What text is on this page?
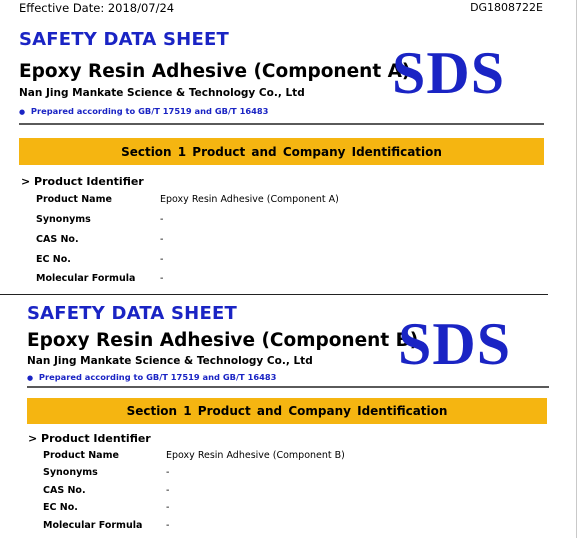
Effective Date: 2018/07/24	DG1808722E
SAFETY DATA SHEET
Epoxy Resin Adhesive (Component A)
Nan Jing Mankate Science & Technology Co., Ltd
● Prepared according to GB/T 17519 and GB/T 16483
SDS
Section 1 Product and Company Identification
> Product Identifier
Product Name	Epoxy Resin Adhesive (Component A)
Synonyms	-
CAS No.	-
EC No.	-
Molecular Formula	-
SAFETY DATA SHEET
Epoxy Resin Adhesive (Component B)
Nan Jing Mankate Science & Technology Co., Ltd
● Prepared according to GB/T 17519 and GB/T 16483 SDS
Section 1 Product and Company Identification
> Product Identifier
Product Name	Epoxy Resin Adhesive (Component B)
Synonyms	-
CAS No.	-
EC No.	-
Molecular Formula -
